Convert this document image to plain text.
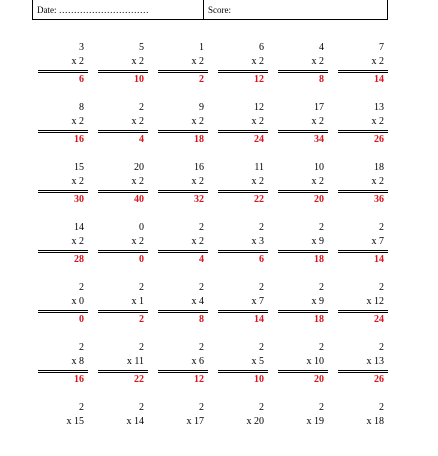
Date: …………………………	Score:
3
x 2
6
5
x 2
10
1
x 2
2
6
x 2
12
4
x 2
8
7
x 2
14
8
x 2
16
2
x 2
4
9
x 2
18
12
x 2
24
17
x 2
34
13
x 2
26
15
x 2
30
20
x 2
40
16
x 2
32
11
x 2
22
10
x 2
20
18
x 2
36
14
x 2
28
0
x 2
0
2
x 2
4
2
x 3
6
2
x 9
18
2
x 7
14
2
x 0
0
2
x 1
2
2
x 4
8
2
x 7
14
2
x 9
18
2
x 12
24
2
x 8
16
2
x 11
22
2
x 6
12
2
x 5
10
2
x 10
20
2
x 13
26
2
x 15
2
x 14
2
x 17
2
x 20
2
x 19
2
x 18
